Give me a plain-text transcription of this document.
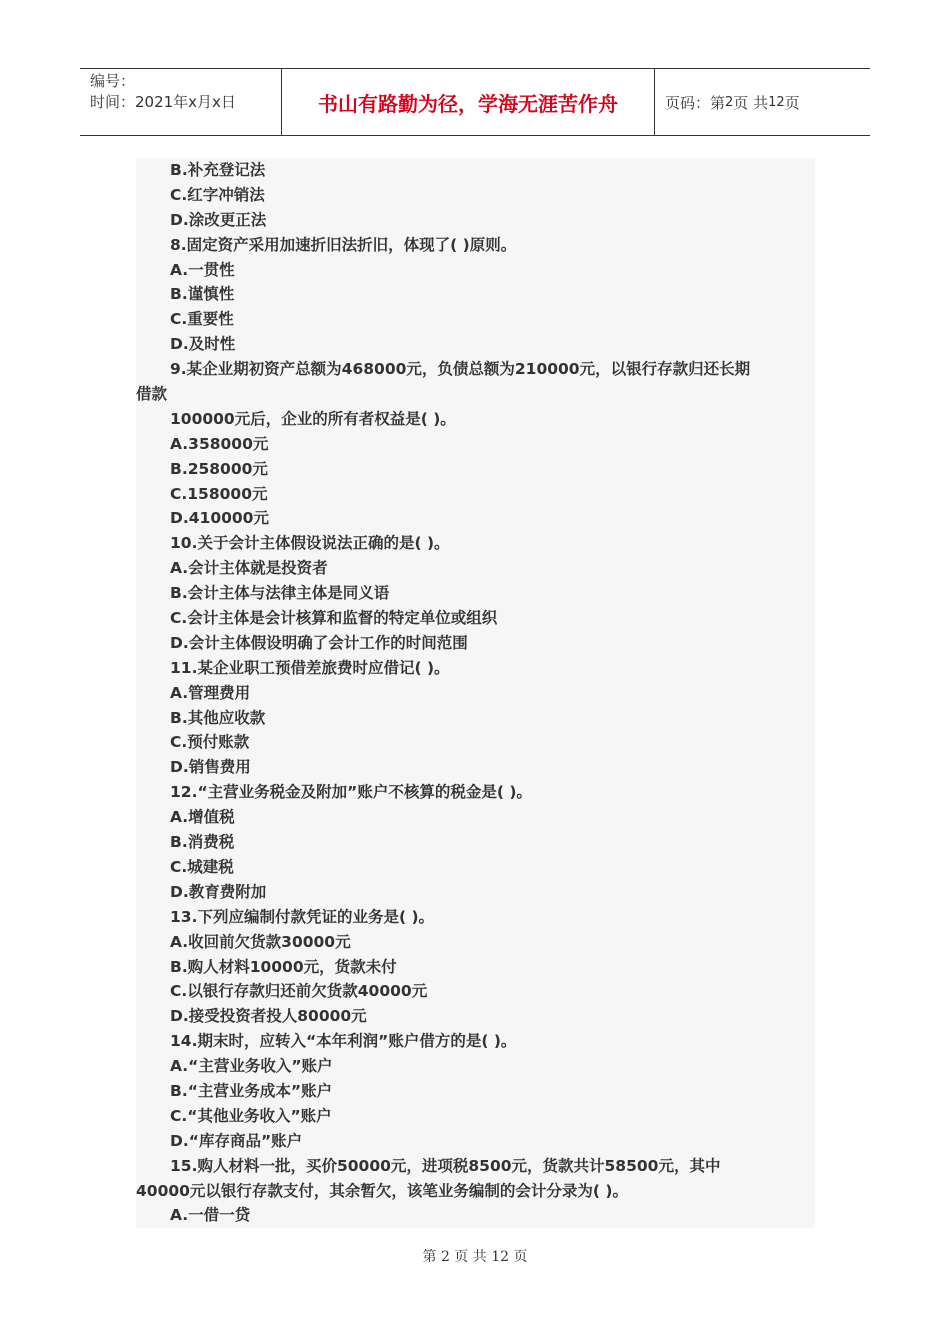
编号：
时间：2021年x月x日	书山有路勤为径，学海无涯苦作舟	页码：第 2 页 共 12 页
B.补充登记法
C.红字冲销法
D.涂改更正法
8.固定资产采用加速折旧法折旧，体现了( )原则。
A.一贯性
B.谨慎性
C.重要性
D.及时性
9.某企业期初资产总额为468000元，负债总额为210000元，以银行存款归还长期
借款
100000元后，企业的所有者权益是( )。
A.358000元
B.258000元
C.158000元
D.410000元
10.关于会计主体假设说法正确的是( )。
A.会计主体就是投资者
B.会计主体与法律主体是同义语
C.会计主体是会计核算和监督的特定单位或组织
D.会计主体假设明确了会计工作的时间范围
11.某企业职工预借差旅费时应借记( )。
A.管理费用
B.其他应收款
C.预付账款
D.销售费用
12.“主营业务税金及附加”账户不核算的税金是( )。
A.增值税
B.消费税
C.城建税
D.教育费附加
13.下列应编制付款凭证的业务是( )。
A.收回前欠货款30000元
B.购人材料10000元，货款未付
C.以银行存款归还前欠货款40000元
D.接受投资者投人80000元
14.期末时，应转入“本年利润”账户借方的是( )。
A.“主营业务收入”账户
B.“主营业务成本”账户
C.“其他业务收入”账户
D.“库存商品”账户
15.购人材料一批，买价50000元，进项税8500元，货款共计58500元，其中
40000元以银行存款支付，其余暂欠，该笔业务编制的会计分录为( )。
A.一借一贷
第 2 页 共 12 页
